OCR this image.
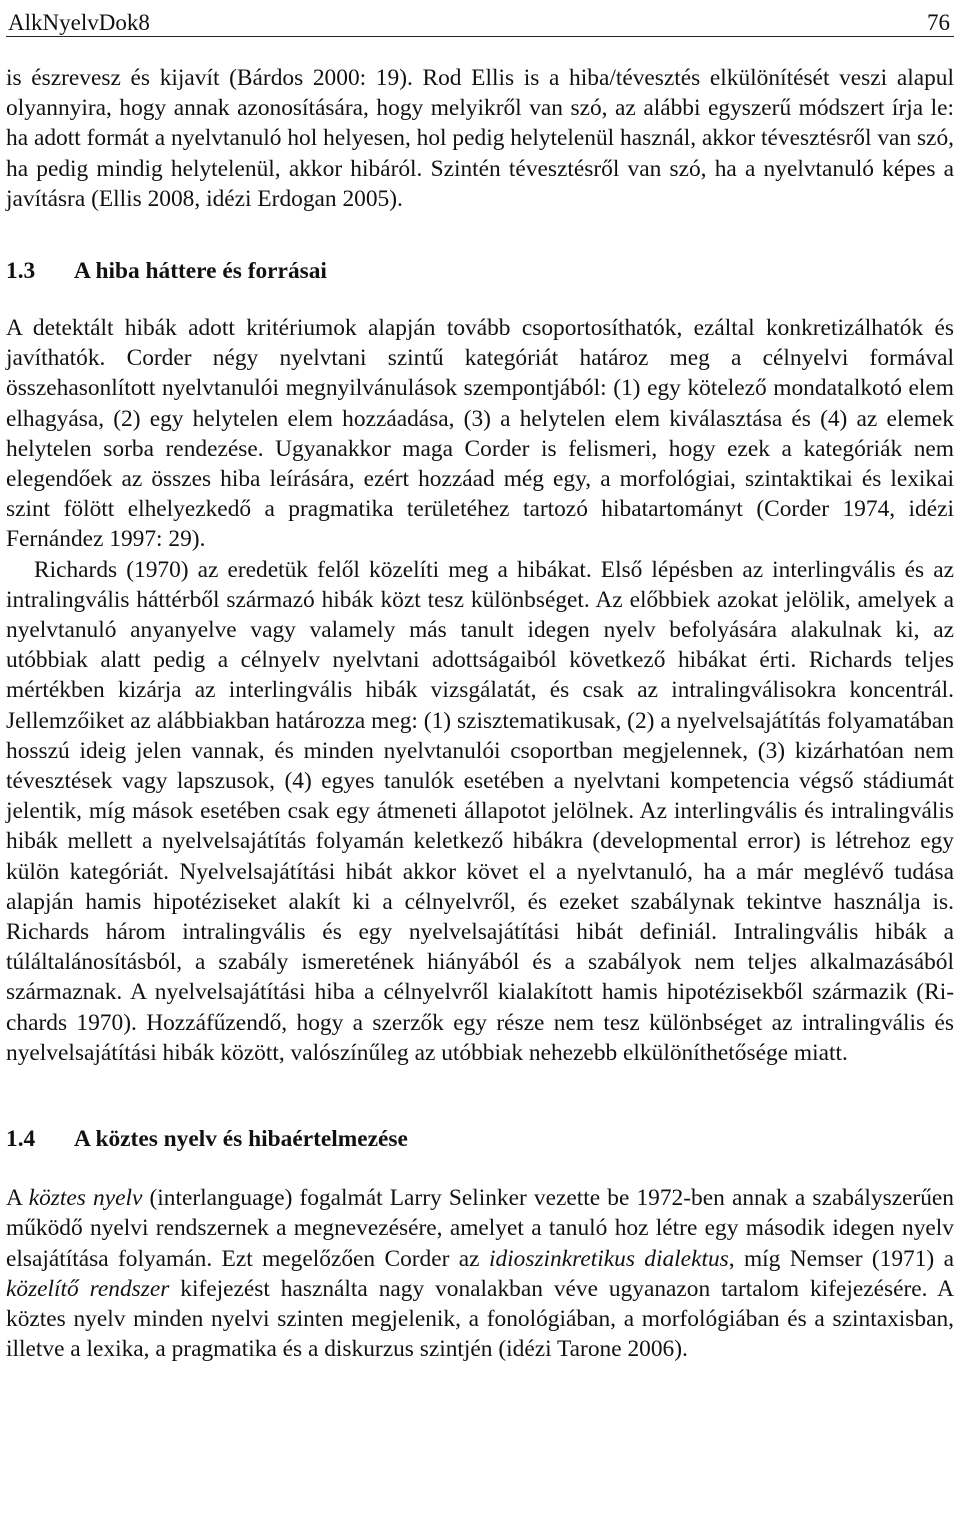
AlkNyelvDok8	76

is észrevesz és kijavít (Bárdos 2000: 19). Rod Ellis is a hiba/tévesztés elkülönítését veszi alapul olyannyira, hogy annak azonosítására, hogy melyikről van szó, az alábbi egyszerű módszert írja le: ha adott formát a nyelvtanuló hol helyesen, hol pedig helytelenül használ, akkor tévesztésről van szó, ha pedig mindig helytelenül, akkor hibáról. Szintén tévesztésről van szó, ha a nyelvtanuló képes a javításra (Ellis 2008, idézi Erdogan 2005).

1.3	A hiba háttere és forrásai

A detektált hibák adott kritériumok alapján tovább csoportosíthatók, ezáltal konkretizálhatók és javíthatók. Corder négy nyelvtani szintű kategóriát határoz meg a célnyelvi formával összehasonlított nyelvtanulói megnyilvánulások szempontjából: (1) egy kötelező mondatalkotó elem elhagyása, (2) egy helytelen elem hozzáadása, (3) a helytelen elem kiválasztása és (4) az elemek helytelen sorba rendezése. Ugyanakkor maga Corder is felismeri, hogy ezek a kategóriák nem elegendőek az összes hiba leírására, ezért hozzáad még egy, a morfológiai, szintaktikai és lexikai szint fölött elhelyezkedő a pragmatika területéhez tartozó hibatartományt (Corder 1974, idézi Fernández 1997: 29).

Richards (1970) az eredetük felől közelíti meg a hibákat. Első lépésben az interlingvális és az intralingvális háttérből származó hibák közt tesz különbséget. Az előbbiek azokat jelölik, amelyek a nyelvtanuló anyanyelve vagy valamely más tanult idegen nyelv befolyására alakulnak ki, az utóbbiak alatt pedig a célnyelv nyelvtani adottságaiból következő hibákat érti. Richards teljes mértékben kizárja az interlingvális hibák vizsgálatát, és csak az intralingválisokra koncentrál. Jellemzőiket az alábbiakban határozza meg: (1) szisztematikusak, (2) a nyelvelsajátítás folyamatában hosszú ideig jelen vannak, és minden nyelvtanulói csoportban megjelennek, (3) kizárhatóan nem tévesztések vagy lapszusok, (4) egyes tanulók esetében a nyelvtani kompetencia végső stádiumát jelentik, míg mások esetében csak egy átmeneti állapotot jelölnek. Az interlingvális és intralingvális hibák mellett a nyelvelsajátítás folyamán keletkező hibákra (developmental error) is létrehoz egy külön kategóriát. Nyelvelsajátítási hibát akkor követ el a nyelvtanuló, ha a már meglévő tudása alapján hamis hipotéziseket alakít ki a célnyelvről, és ezeket szabálynak tekintve használja is. Richards három intralingvális és egy nyelvelsajátítási hibát definiál. Intralingvális hibák a túláltalánosításból, a szabály ismeretének hiányából és a szabályok nem teljes alkalmazásából származnak. A nyelvelsajátítási hiba a célnyelvről kialakított hamis hipotézisekből származik (Richards 1970). Hozzáfűzendő, hogy a szerzők egy része nem tesz különbséget az intralingvális és nyelvelsajátítási hibák között, valószínűleg az utóbbiak nehezebb elkülöníthetősége miatt.

1.4	A köztes nyelv és hibaértelmezése

A köztes nyelv (interlanguage) fogalmát Larry Selinker vezette be 1972-ben annak a szabályszerűen működő nyelvi rendszernek a megnevezésére, amelyet a tanuló hoz létre egy második idegen nyelv elsajátítása folyamán. Ezt megelőzően Corder az idioszinkretikus dialektus, míg Nemser (1971) a közelítő rendszer kifejezést használta nagy vonalakban véve ugyanazon tartalom kifejezésére. A köztes nyelv minden nyelvi szinten megjelenik, a fonológiában, a morfológiában és a szintaxisban, illetve a lexika, a pragmatika és a diskurzus szintjén (idézi Tarone 2006).
